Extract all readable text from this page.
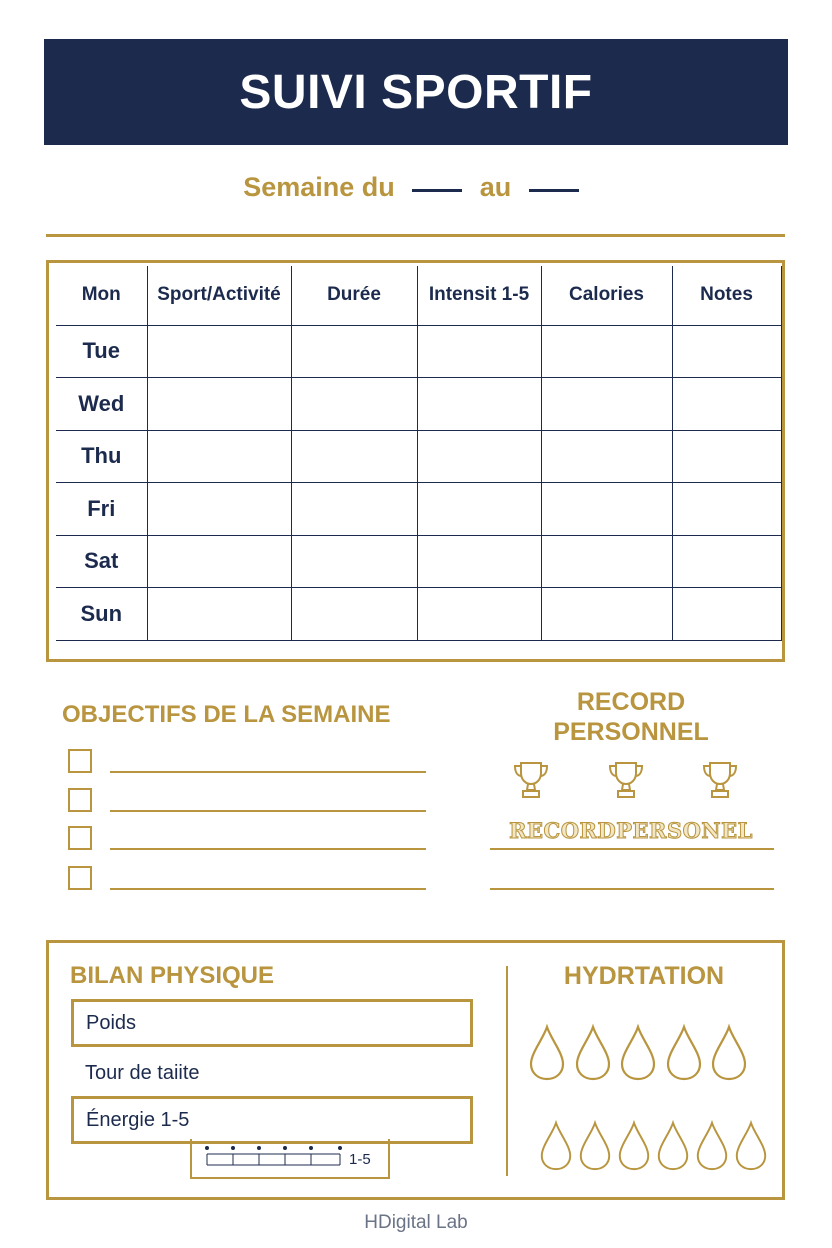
SUIVI SPORTIF
Semaine du	au
Mon	Sport/Activité	Durée	Intensit 1-5	Calories	Notes
Tue					
Wed					
Thu					
Fri					
Sat					
Sun					
OBJECTIFS DE LA SEMAINE	RECORD
PERSONNEL
RECORDPERSONEL
BILAN PHYSIQUE
Poids
Tour de taiite
Énergie 1-5
1-5
HYDRTATION
HDigital Lab
